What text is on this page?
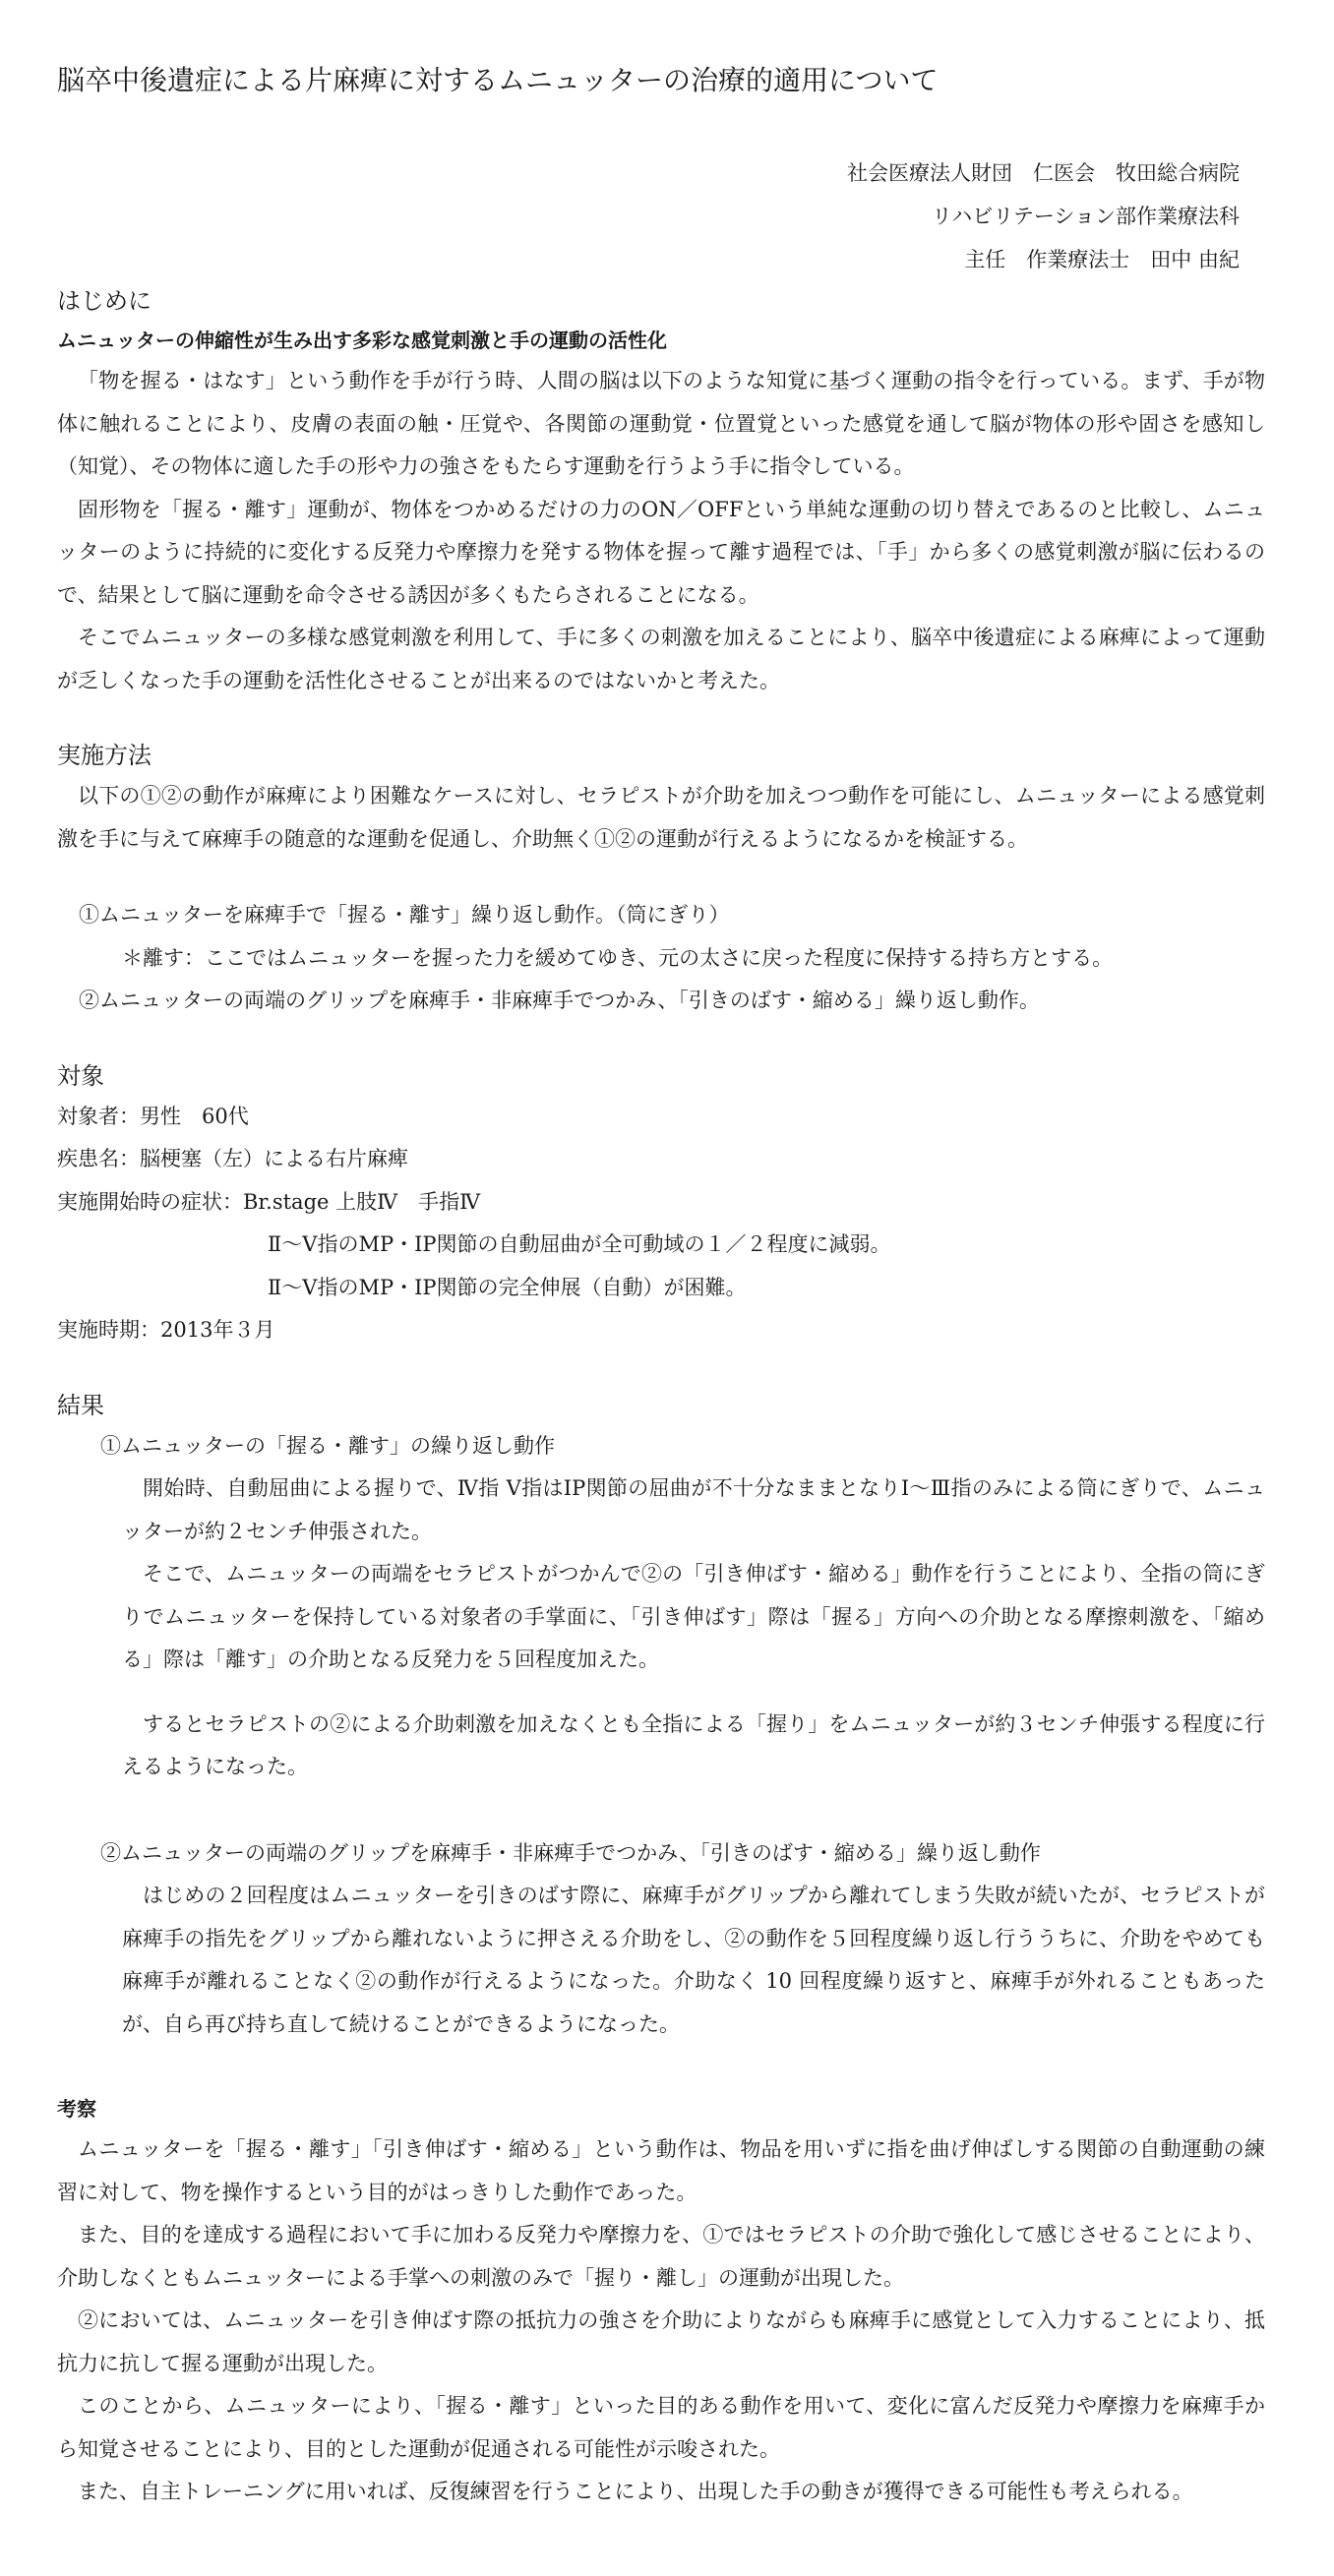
脳卒中後遺症による片麻痺に対するムニュッターの治療的適用について
社会医療法人財団　仁医会　牧田総合病院
リハビリテーション部作業療法科
主任　作業療法士　田中 由紀
はじめに
ムニュッターの伸縮性が生み出す多彩な感覚刺激と手の運動の活性化

「物を握る・はなす」という動作を手が行う時、人間の脳は以下のような知覚に基づく運動の指令を行っている。まず、手が物体に触れることにより、皮膚の表面の触・圧覚や、各関節の運動覚・位置覚といった感覚を通して脳が物体の形や固さを感知し（知覚）、その物体に適した手の形や力の強さをもたらす運動を行うよう手に指令している。

固形物を「握る・離す」運動が、物体をつかめるだけの力のON／OFFという単純な運動の切り替えであるのと比較し、ムニュッターのように持続的に変化する反発力や摩擦力を発する物体を握って離す過程では、「手」から多くの感覚刺激が脳に伝わるので、結果として脳に運動を命令させる誘因が多くもたらされることになる。

そこでムニュッターの多様な感覚刺激を利用して、手に多くの刺激を加えることにより、脳卒中後遺症による麻痺によって運動が乏しくなった手の運動を活性化させることが出来るのではないかと考えた。

実施方法

以下の①②の動作が麻痺により困難なケースに対し、セラピストが介助を加えつつ動作を可能にし、ムニュッターによる感覚刺激を手に与えて麻痺手の随意的な運動を促通し、介助無く①②の運動が行えるようになるかを検証する。

①ムニュッターを麻痺手で「握る・離す」繰り返し動作。（筒にぎり）
＊離す：ここではムニュッターを握った力を緩めてゆき、元の太さに戻った程度に保持する持ち方とする。
②ムニュッターの両端のグリップを麻痺手・非麻痺手でつかみ、「引きのばす・縮める」繰り返し動作。
対象
対象者：男性　60代
疾患名：脳梗塞（左）による右片麻痺
実施開始時の症状：Br.stage 上肢Ⅳ　手指Ⅳ
Ⅱ～Ⅴ指のMP・IP関節の自動屈曲が全可動域の１／２程度に減弱。
Ⅱ～Ⅴ指のMP・IP関節の完全伸展（自動）が困難。
実施時期：2013年３月
結果
①ムニュッターの「握る・離す」の繰り返し動作
開始時、自動屈曲による握りで、Ⅳ指 Ⅴ指はIP関節の屈曲が不十分なままとなりⅠ～Ⅲ指のみによる筒にぎりで、ムニュッターが約２センチ伸張された。
そこで、ムニュッターの両端をセラピストがつかんで②の「引き伸ばす・縮める」動作を行うことにより、全指の筒にぎりでムニュッターを保持している対象者の手掌面に、「引き伸ばす」際は「握る」方向への介助となる摩擦刺激を、「縮める」際は「離す」の介助となる反発力を５回程度加えた。
するとセラピストの②による介助刺激を加えなくとも全指による「握り」をムニュッターが約３センチ伸張する程度に行えるようになった。
②ムニュッターの両端のグリップを麻痺手・非麻痺手でつかみ、「引きのばす・縮める」繰り返し動作
はじめの２回程度はムニュッターを引きのばす際に、麻痺手がグリップから離れてしまう失敗が続いたが、セラピストが麻痺手の指先をグリップから離れないように押さえる介助をし、②の動作を５回程度繰り返し行ううちに、介助をやめても麻痺手が離れることなく②の動作が行えるようになった。介助なく 10 回程度繰り返すと、麻痺手が外れることもあったが、自ら再び持ち直して続けることができるようになった。
考察

ムニュッターを「握る・離す」「引き伸ばす・縮める」という動作は、物品を用いずに指を曲げ伸ばしする関節の自動運動の練習に対して、物を操作するという目的がはっきりした動作であった。

また、目的を達成する過程において手に加わる反発力や摩擦力を、①ではセラピストの介助で強化して感じさせることにより、介助しなくともムニュッターによる手掌への刺激のみで「握り・離し」の運動が出現した。

②においては、ムニュッターを引き伸ばす際の抵抗力の強さを介助によりながらも麻痺手に感覚として入力することにより、抵抗力に抗して握る運動が出現した。

このことから、ムニュッターにより、「握る・離す」といった目的ある動作を用いて、変化に富んだ反発力や摩擦力を麻痺手から知覚させることにより、目的とした運動が促通される可能性が示唆された。

また、自主トレーニングに用いれば、反復練習を行うことにより、出現した手の動きが獲得できる可能性も考えられる。
